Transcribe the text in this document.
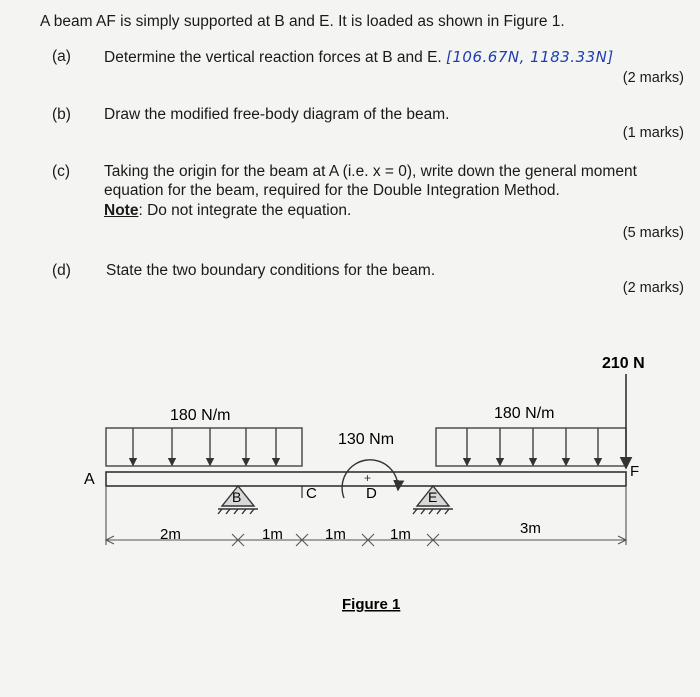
A beam AF is simply supported at B and E. It is loaded as shown in Figure 1.
(a) Determine the vertical reaction forces at B and E. [106.67N, 1183.33N]
(2 marks)
(b) Draw the modified free-body diagram of the beam.
(1 marks)
(c) Taking the origin for the beam at A (i.e. x = 0), write down the general moment
equation for the beam, required for the Double Integration Method.
Note: Do not integrate the equation.
(5 marks)
(d) State the two boundary conditions for the beam.
(2 marks)
+
210 N
180 N/m	180 N/m
130 Nm
A
B	C	D	E
F
2m	1m	1m	1m	3m
Figure 1
